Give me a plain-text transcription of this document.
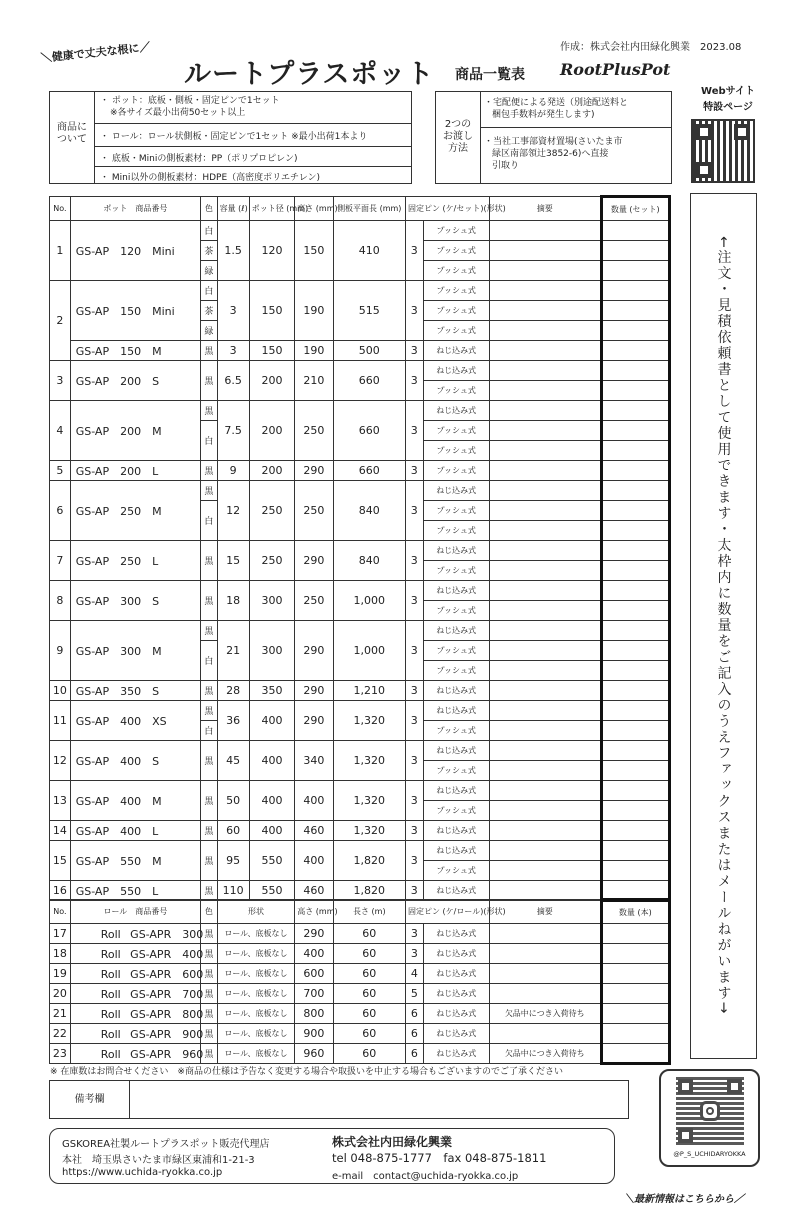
作成：株式会社内田緑化興業　2023.08
＼健康で丈夫な根に／
ルートプラスポット 商品一覧表 RootPlusPot
Webサイト
特設ページ
商品に
ついて
・ ポット：底板・側板・固定ピンで1セット
※各サイズ最小出荷50セット以上
・ ロール：ロール状側板・固定ピンで1セット ※最小出荷1本より
・ 底板・Miniの側板素材：PP（ポリプロピレン)
・ Mini以外の側板素材：HDPE（高密度ポリエチレン)
2つの
お渡し
方法
・宅配便による発送（別途配送料と
梱包手数料が発生します)
・当社工事部資材置場(さいたま市
緑区南部領辻3852-6)へ直接
引取り
No.	ポット　商品番号	色	容量 (ℓ)	ポット径 (mm)	高さ (mm)	側板平面長 (mm)	固定ピン (ケ/セット)(形状)		摘要	数量 (セット)
1	GS-AP　120　Mini	白	1.5	120	150	410	3	プッシュ式		
		茶						プッシュ式		
		緑						プッシュ式		
2	GS-AP　150　Mini	白	3	150	190	515	3	プッシュ式		
		茶						プッシュ式		
		緑						プッシュ式		
	GS-AP　150　M	黒	3	150	190	500	3	ねじ込み式		
3	GS-AP　200　S	黒	6.5	200	210	660	3	ねじ込み式		
								プッシュ式		
4	GS-AP　200　M	黒	7.5	200	250	660	3	ねじ込み式		
		白						プッシュ式		
								プッシュ式		
5	GS-AP　200　L	黒	9	200	290	660	3	プッシュ式		
6	GS-AP　250　M	黒	12	250	250	840	3	ねじ込み式		
		白						プッシュ式		
								プッシュ式		
7	GS-AP　250　L	黒	15	250	290	840	3	ねじ込み式		
								プッシュ式		
8	GS-AP　300　S	黒	18	300	250	1,000	3	ねじ込み式		
								プッシュ式		
9	GS-AP　300　M	黒	21	300	290	1,000	3	ねじ込み式		
		白						プッシュ式		
								プッシュ式		
10	GS-AP　350　S	黒	28	350	290	1,210	3	ねじ込み式		
11	GS-AP　400　XS	黒	36	400	290	1,320	3	ねじ込み式		
		白						プッシュ式		
12	GS-AP　400　S	黒	45	400	340	1,320	3	ねじ込み式		
								プッシュ式		
13	GS-AP　400　M	黒	50	400	400	1,320	3	ねじ込み式		
								プッシュ式		
14	GS-AP　400　L	黒	60	400	460	1,320	3	ねじ込み式		
15	GS-AP　550　M	黒	95	550	400	1,820	3	ねじ込み式		
								プッシュ式		
16	GS-AP　550　L	黒	110	550	460	1,820	3	ねじ込み式		
No.	ロール　商品番号	色	形状	高さ (mm)	長さ (m)	固定ピン (ケ/ロール)(形状)		摘要	数量 (本)
17	Roll GS-APR　300	黒	ロール、底板なし	290	60	3	ねじ込み式		
18	Roll GS-APR　400	黒	ロール、底板なし	400	60	3	ねじ込み式		
19	Roll GS-APR　600	黒	ロール、底板なし	600	60	4	ねじ込み式		
20	Roll GS-APR　700	黒	ロール、底板なし	700	60	5	ねじ込み式		
21	Roll GS-APR　800	黒	ロール、底板なし	800	60	6	ねじ込み式	欠品中につき入荷待ち	
22	Roll GS-APR　900	黒	ロール、底板なし	900	60	6	ねじ込み式		
23	Roll GS-APR　960	黒	ロール、底板なし	960	60	6	ねじ込み式	欠品中につき入荷待ち	
←注文・見積依頼書として使用できます・太枠内に数量をご記入のうえファックスまたはメールねがいます→
※ 在庫数はお問合せください　※商品の仕様は予告なく変更する場合や取扱いを中止する場合もございますのでご了承ください
備考欄
GSKOREA社製ルートプラスポット販売代理店
本社　埼玉県さいたま市緑区東浦和1-21-3
https://www.uchida-ryokka.co.jp
株式会社内田緑化興業
tel 048-875-1777　fax 048-875-1811
e-mail　contact@uchida-ryokka.co.jp
@P_S_UCHIDARYOKKA
＼最新情報はこちらから／
